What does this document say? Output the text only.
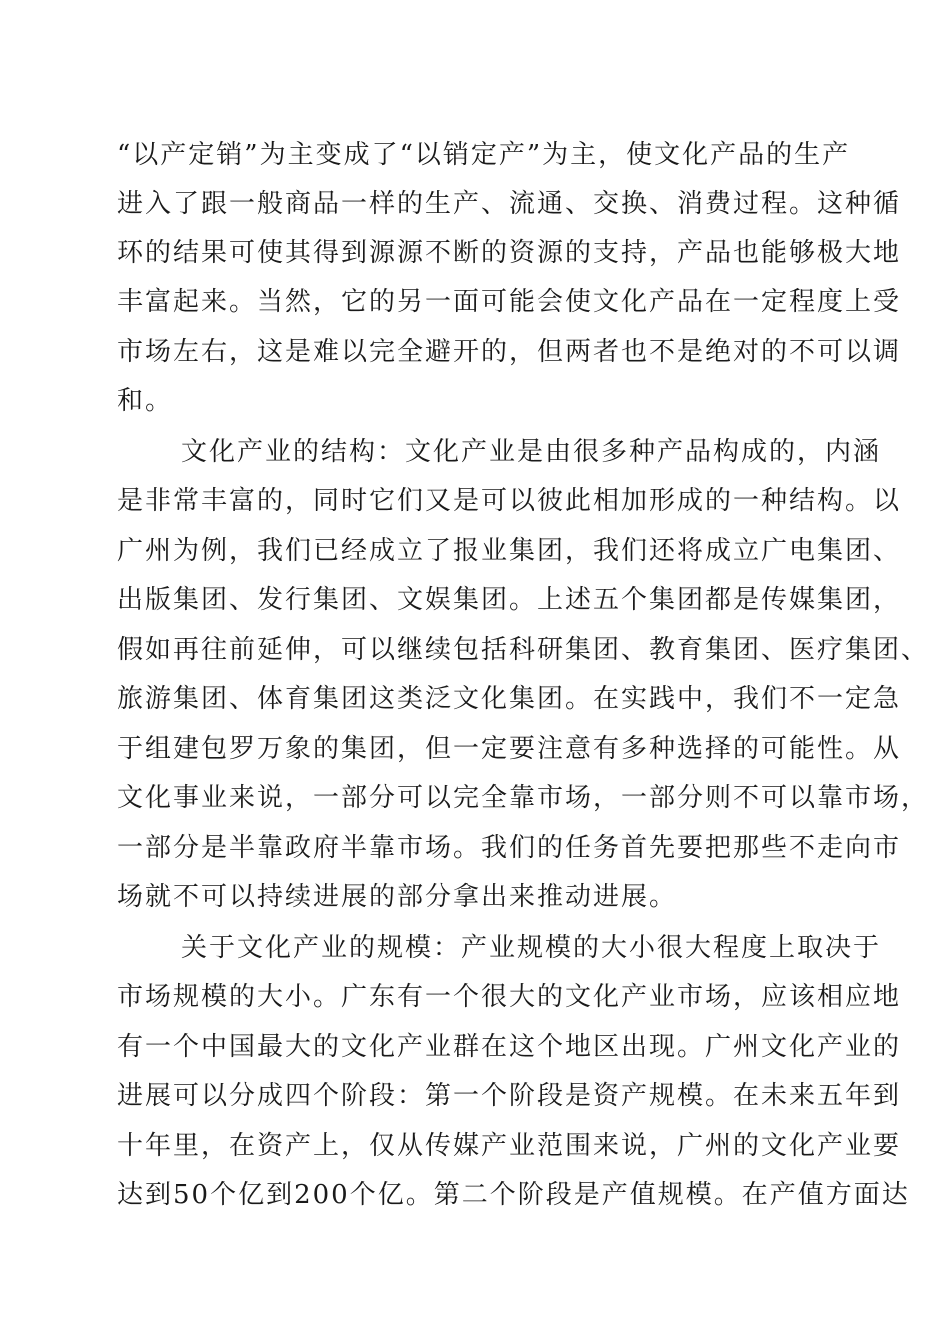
“以产定销”为主变成了“以销定产”为主，使文化产品的生产
进入了跟一般商品一样的生产、流通、交换、消费过程。这种循
环的结果可使其得到源源不断的资源的支持，产品也能够极大地
丰富起来。当然，它的另一面可能会使文化产品在一定程度上受
市场左右，这是难以完全避开的，但两者也不是绝对的不可以调
和。
文化产业的结构：文化产业是由很多种产品构成的，内涵
是非常丰富的，同时它们又是可以彼此相加形成的一种结构。以
广州为例，我们已经成立了报业集团，我们还将成立广电集团、
出版集团、发行集团、文娱集团。上述五个集团都是传媒集团，
假如再往前延伸，可以继续包括科研集团、教育集团、医疗集团、
旅游集团、体育集团这类泛文化集团。在实践中，我们不一定急
于组建包罗万象的集团，但一定要注意有多种选择的可能性。从
文化事业来说，一部分可以完全靠市场，一部分则不可以靠市场，
一部分是半靠政府半靠市场。我们的任务首先要把那些不走向市
场就不可以持续进展的部分拿出来推动进展。
关于文化产业的规模：产业规模的大小很大程度上取决于
市场规模的大小。广东有一个很大的文化产业市场，应该相应地
有一个中国最大的文化产业群在这个地区出现。广州文化产业的
进展可以分成四个阶段：第一个阶段是资产规模。在未来五年到
十年里，在资产上，仅从传媒产业范围来说，广州的文化产业要
达到50个亿到200个亿。第二个阶段是产值规模。在产值方面达
